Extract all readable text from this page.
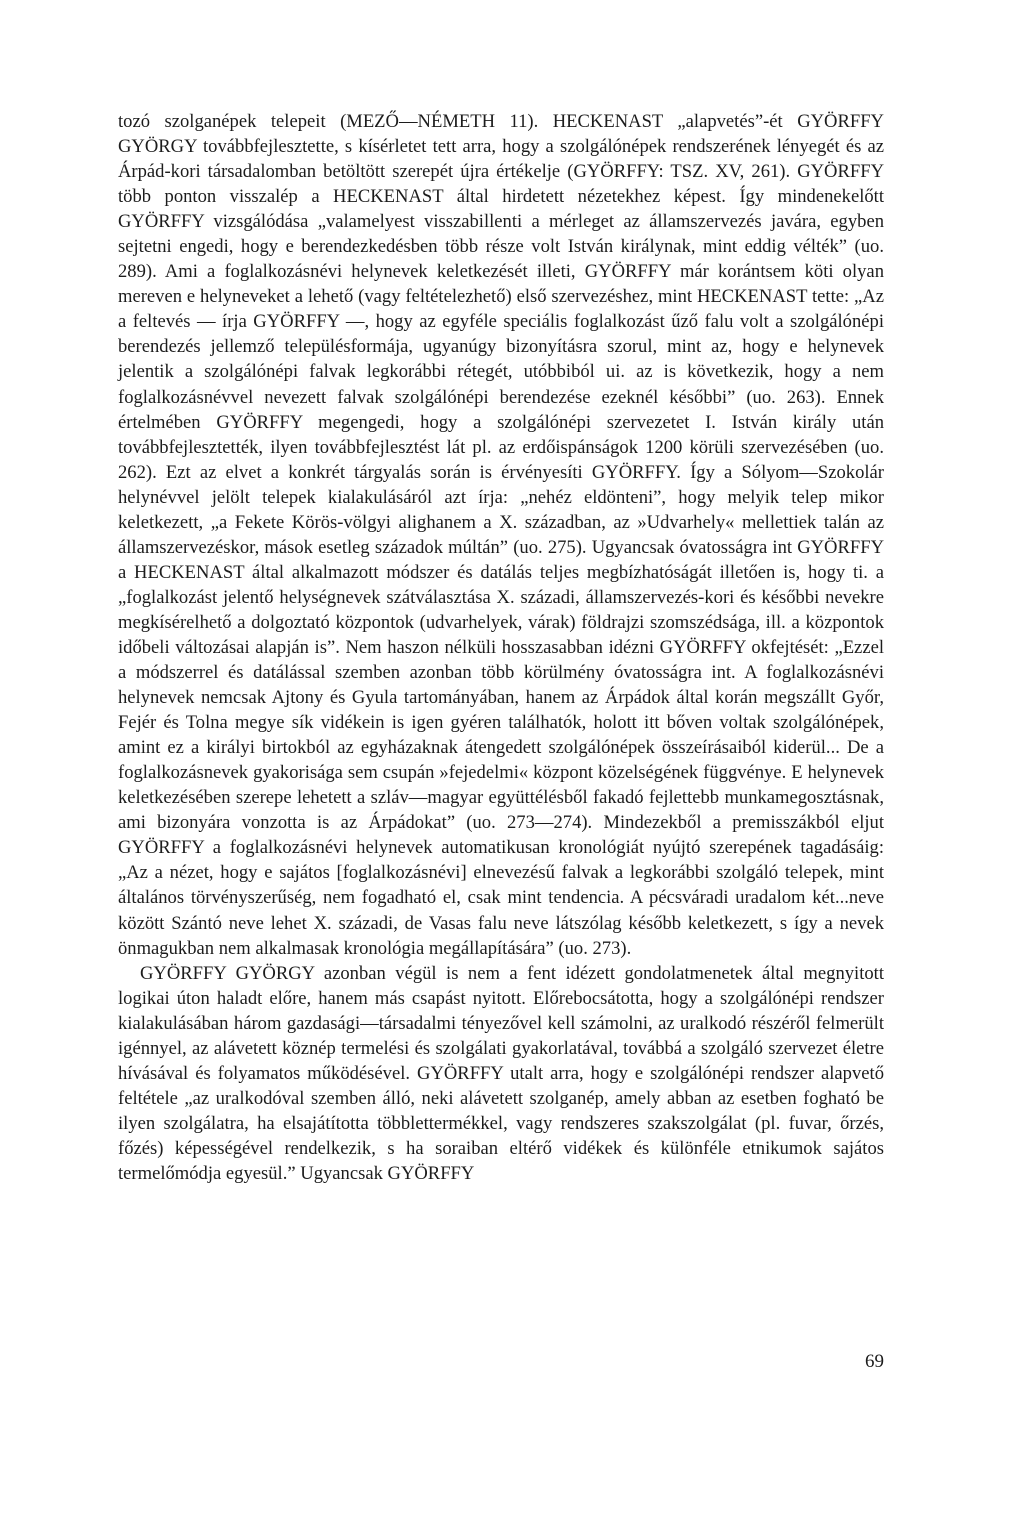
tozó szolganépek telepeit (MEZŐ—NÉMETH 11). HECKENAST „alapvetés”-ét GYÖRFFY GYÖRGY továbbfejlesztette, s kísérletet tett arra, hogy a szolgálónépek rendszerének lényegét és az Árpád-kori társadalomban betöltött szerepét újra értékelje (GYÖRFFY: TSZ. XV, 261). GYÖRFFY több ponton visszalép a HECKENAST által hirdetett nézetekhez képest. Így mindenekelőtt GYÖRFFY vizsgálódása „valamelyest visszabillenti a mérleget az államszervezés javára, egyben sejtetni engedi, hogy e berendezkedésben több része volt István királynak, mint eddig vélték” (uo. 289). Ami a foglalkozásnévi helynevek keletkezését illeti, GYÖRFFY már korántsem köti olyan mereven e helyneveket a lehető (vagy feltételezhető) első szervezéshez, mint HECKENAST tette: „Az a feltevés — írja GYÖRFFY —, hogy az egyféle speciális foglalkozást űző falu volt a szolgálónépi berendezés jellemző településformája, ugyanúgy bizonyításra szorul, mint az, hogy e helynevek jelentik a szolgálónépi falvak legkorábbi rétegét, utóbbiból ui. az is következik, hogy a nem foglalkozásnévvel nevezett falvak szolgálónépi berendezése ezeknél későbbi” (uo. 263). Ennek értelmében GYÖRFFY megengedi, hogy a szolgálónépi szervezetet I. István király után továbbfejlesztették, ilyen továbbfejlesztést lát pl. az erdőispánságok 1200 körüli szervezésében (uo. 262). Ezt az elvet a konkrét tárgyalás során is érvényesíti GYÖRFFY. Így a Sólyom—Szokolár helynévvel jelölt telepek kialakulásáról azt írja: „nehéz eldönteni”, hogy melyik telep mikor keletkezett, „a Fekete Körös-völgyi alighanem a X. században, az »Udvarhely« mellettiek talán az államszervezéskor, mások esetleg századok múltán” (uo. 275). Ugyancsak óvatosságra int GYÖRFFY a HECKENAST által alkalmazott módszer és datálás teljes megbízhatóságát illetően is, hogy ti. a „foglalkozást jelentő helységnevek szátválasztása X. századi, államszervezés-kori és későbbi nevekre megkísérelhető a dolgoztató központok (udvarhelyek, várak) földrajzi szomszédsága, ill. a központok időbeli változásai alapján is”. Nem haszon nélküli hosszasabban idézni GYÖRFFY okfejtését: „Ezzel a módszerrel és datálással szemben azonban több körülmény óvatosságra int. A foglalkozásnévi helynevek nemcsak Ajtony és Gyula tartományában, hanem az Árpádok által korán megszállt Győr, Fejér és Tolna megye sík vidékein is igen gyéren találhatók, holott itt bőven voltak szolgálónépek, amint ez a királyi birtokból az egyházaknak átengedett szolgálónépek összeírásaiból kiderül... De a foglalkozásnevek gyakorisága sem csupán »fejedelmi« központ közelségének függvénye. E helynevek keletkezésében szerepe lehetett a szláv—magyar együttélésből fakadó fejlettebb munkamegosztásnak, ami bizonyára vonzotta is az Árpádokat” (uo. 273—274). Mindezekből a premisszákból eljut GYÖRFFY a foglalkozásnévi helynevek automatikusan kronológiát nyújtó szerepének tagadásáig: „Az a nézet, hogy e sajátos [foglalkozásnévi] elnevezésű falvak a legkorábbi szolgáló telepek, mint általános törvényszerűség, nem fogadható el, csak mint tendencia. A pécsváradi uradalom két...neve között Szántó neve lehet X. századi, de Vasas falu neve látszólag később keletkezett, s így a nevek önmagukban nem alkalmasak kronológia megállapítására” (uo. 273).

GYÖRFFY GYÖRGY azonban végül is nem a fent idézett gondolatmenetek által megnyitott logikai úton haladt előre, hanem más csapást nyitott. Előrebocsátotta, hogy a szolgálónépi rendszer kialakulásában három gazdasági—társadalmi tényezővel kell számolni, az uralkodó részéről felmerült igénnyel, az alávetett köznép termelési és szolgálati gyakorlatával, továbbá a szolgáló szervezet életre hívásával és folyamatos működésével. GYÖRFFY utalt arra, hogy e szolgálónépi rendszer alapvető feltétele „az uralkodóval szemben álló, neki alávetett szolganép, amely abban az esetben fogható be ilyen szolgálatra, ha elsajátította többlettermékkel, vagy rendszeres szakszolgálat (pl. fuvar, őrzés, főzés) képességével rendelkezik, s ha soraiban eltérő vidékek és különféle etnikumok sajátos termelőmódja egyesül.” Ugyancsak GYÖRFFY

69
